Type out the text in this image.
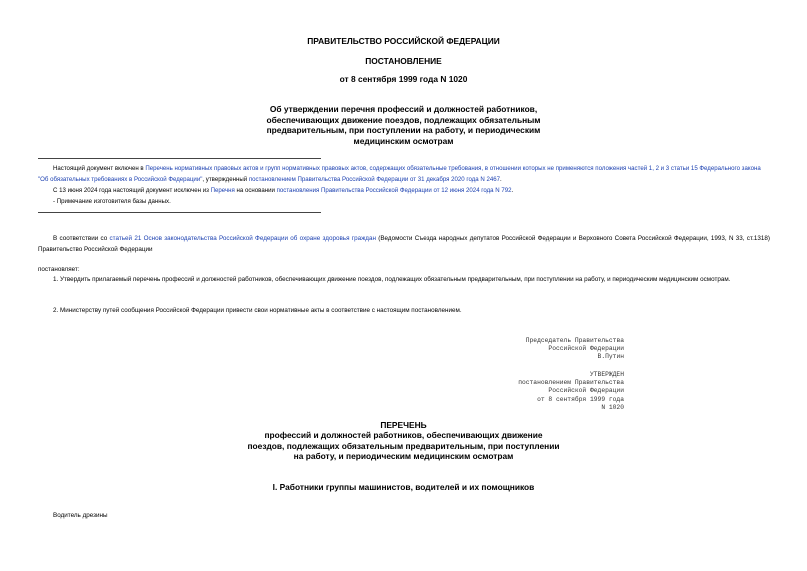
ПРАВИТЕЛЬСТВО РОССИЙСКОЙ ФЕДЕРАЦИИ
ПОСТАНОВЛЕНИЕ
от 8 сентября 1999 года N 1020
Об утверждении перечня профессий и должностей работников,
обеспечивающих движение поездов, подлежащих обязательным
предварительным, при поступлении на работу, и периодическим
медицинским осмотрам
Настоящий документ включен в Перечень нормативных правовых актов и групп нормативных правовых актов, содержащих обязательные требования, в отношении которых не применяются положения частей 1, 2 и 3 статьи 15 Федерального закона "Об обязательных требованиях в Российской Федерации", утвержденный постановлением Правительства Российской Федерации от 31 декабря 2020 года N 2467.
С 13 июня 2024 года настоящий документ исключен из Перечня на основании постановления Правительства Российской Федерации от 12 июня 2024 года N 792.
- Примечание изготовителя базы данных.
В соответствии со статьей 21 Основ законодательства Российской Федерации об охране здоровья граждан (Ведомости Съезда народных депутатов Российской Федерации и Верховного Совета Российской Федерации, 1993, N 33, ст.1318) Правительство Российской Федерации
постановляет:
1. Утвердить прилагаемый перечень профессий и должностей работников, обеспечивающих движение поездов, подлежащих обязательным предварительным, при поступлении на работу, и периодическим медицинским осмотрам.
2. Министерству путей сообщения Российской Федерации привести свои нормативные акты в соответствие с настоящим постановлением.
Председатель Правительства
Российской Федерации
В.Путин
УТВЕРЖДЕН
постановлением Правительства
Российской Федерации
от 8 сентября 1999 года
N 1020
ПЕРЕЧЕНЬ
профессий и должностей работников, обеспечивающих движение
поездов, подлежащих обязательным предварительным, при поступлении
на работу, и периодическим медицинским осмотрам
I. Работники группы машинистов, водителей и их помощников
Водитель дрезины
